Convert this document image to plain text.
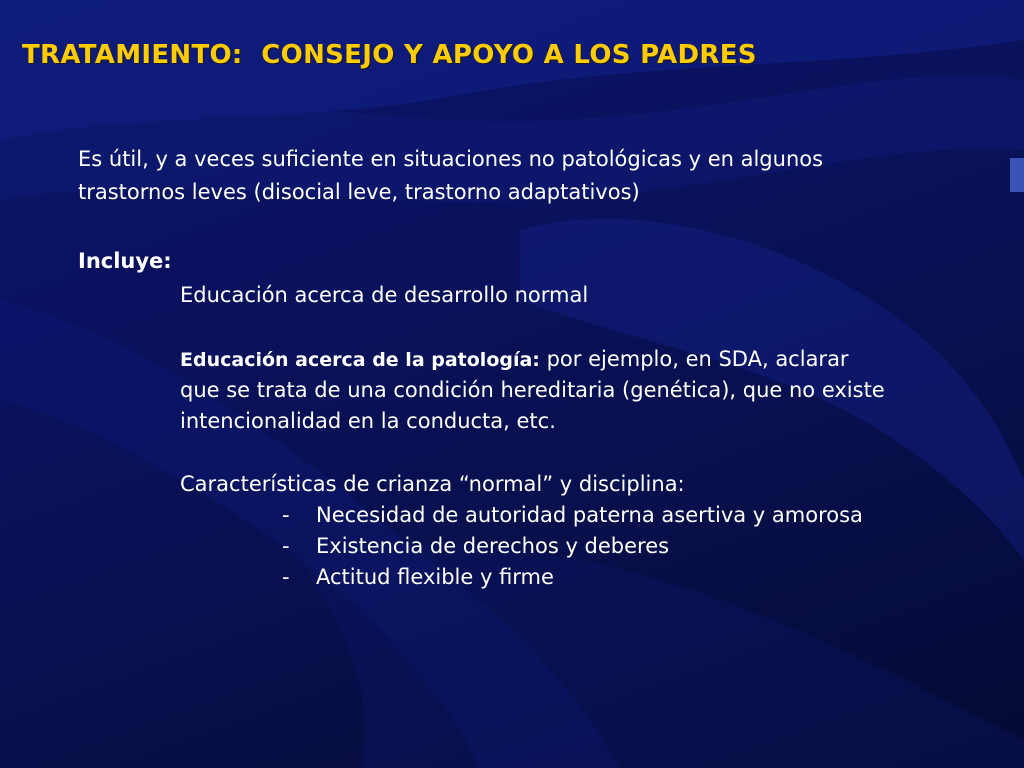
TRATAMIENTO:  CONSEJO Y APOYO A LOS PADRES

Es útil, y a veces suficiente en situaciones no patológicas y en algunos

trastornos leves (disocial leve, trastorno adaptativos)

Incluye:

Educación acerca de desarrollo normal

Educación acerca de la patología: por ejemplo, en SDA, aclarar

que se trata de una condición hereditaria (genética), que no existe

intencionalidad en la conducta, etc.

Características de crianza “normal” y disciplina:

- Necesidad de autoridad paterna asertiva y amorosa

- Existencia de derechos y deberes

- Actitud flexible y firme
